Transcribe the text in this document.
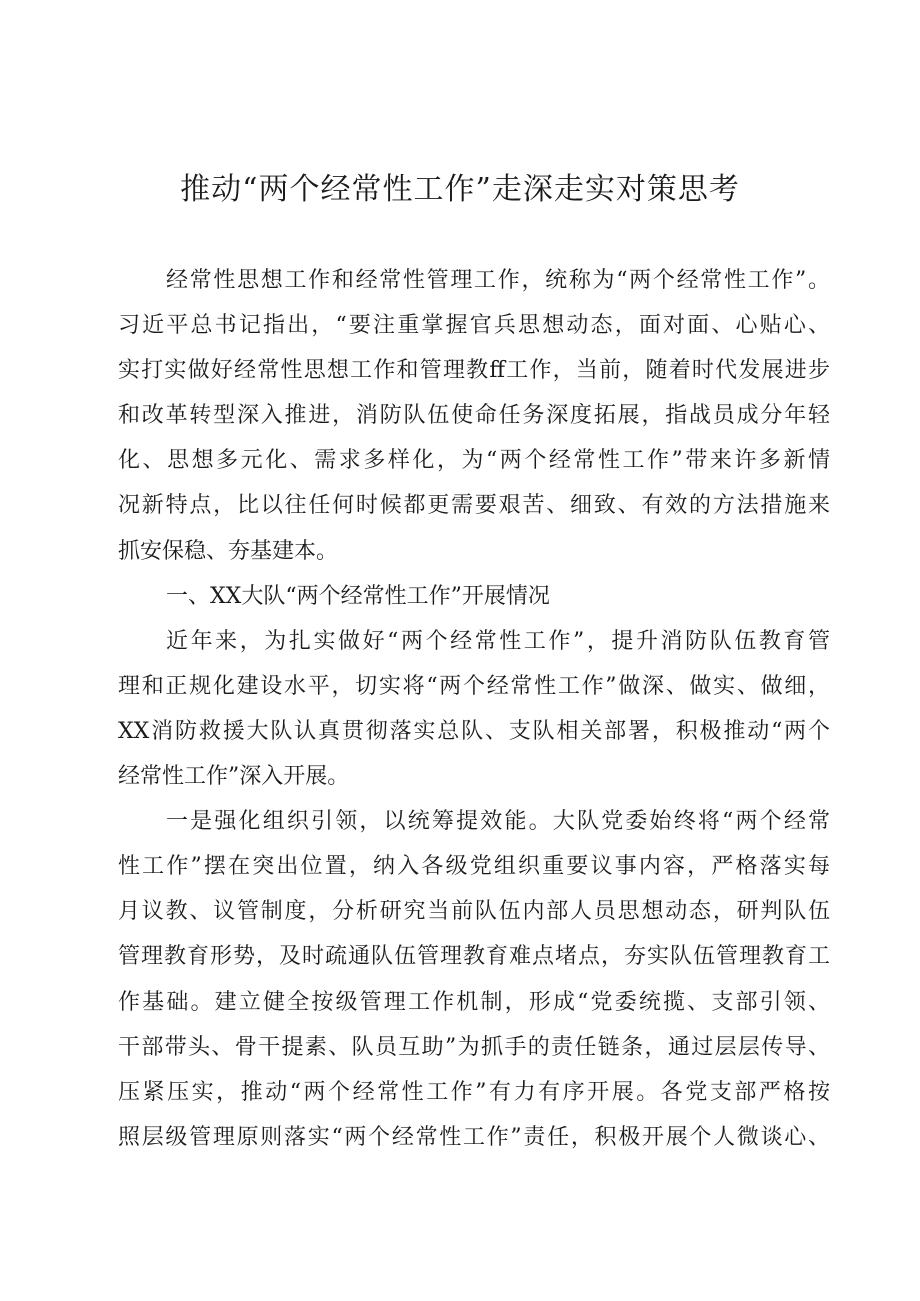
推动“两个经常性工作”走深走实对策思考
经常性思想工作和经常性管理工作，统称为“两个经常性工作”。
习近平总书记指出，“要注重掌握官兵思想动态，面对面、心贴心、
实打实做好经常性思想工作和管理教ff工作，当前，随着时代发展进步
和改革转型深入推进，消防队伍使命任务深度拓展，指战员成分年轻
化、思想多元化、需求多样化，为“两个经常性工作”带来许多新情
况新特点，比以往任何时候都更需要艰苦、细致、有效的方法措施来
抓安保稳、夯基建本。
一、XX大队“两个经常性工作”开展情况
近年来，为扎实做好“两个经常性工作”，提升消防队伍教育管
理和正规化建设水平，切实将“两个经常性工作”做深、做实、做细，
XX消防救援大队认真贯彻落实总队、支队相关部署，积极推动“两个
经常性工作”深入开展。
一是强化组织引领，以统筹提效能。大队党委始终将“两个经常
性工作”摆在突出位置，纳入各级党组织重要议事内容，严格落实每
月议教、议管制度，分析研究当前队伍内部人员思想动态，研判队伍
管理教育形势，及时疏通队伍管理教育难点堵点，夯实队伍管理教育工
作基础。建立健全按级管理工作机制，形成“党委统揽、支部引领、
干部带头、骨干提素、队员互助”为抓手的责任链条，通过层层传导、
压紧压实，推动“两个经常性工作”有力有序开展。各党支部严格按
照层级管理原则落实“两个经常性工作”责任，积极开展个人微谈心、
